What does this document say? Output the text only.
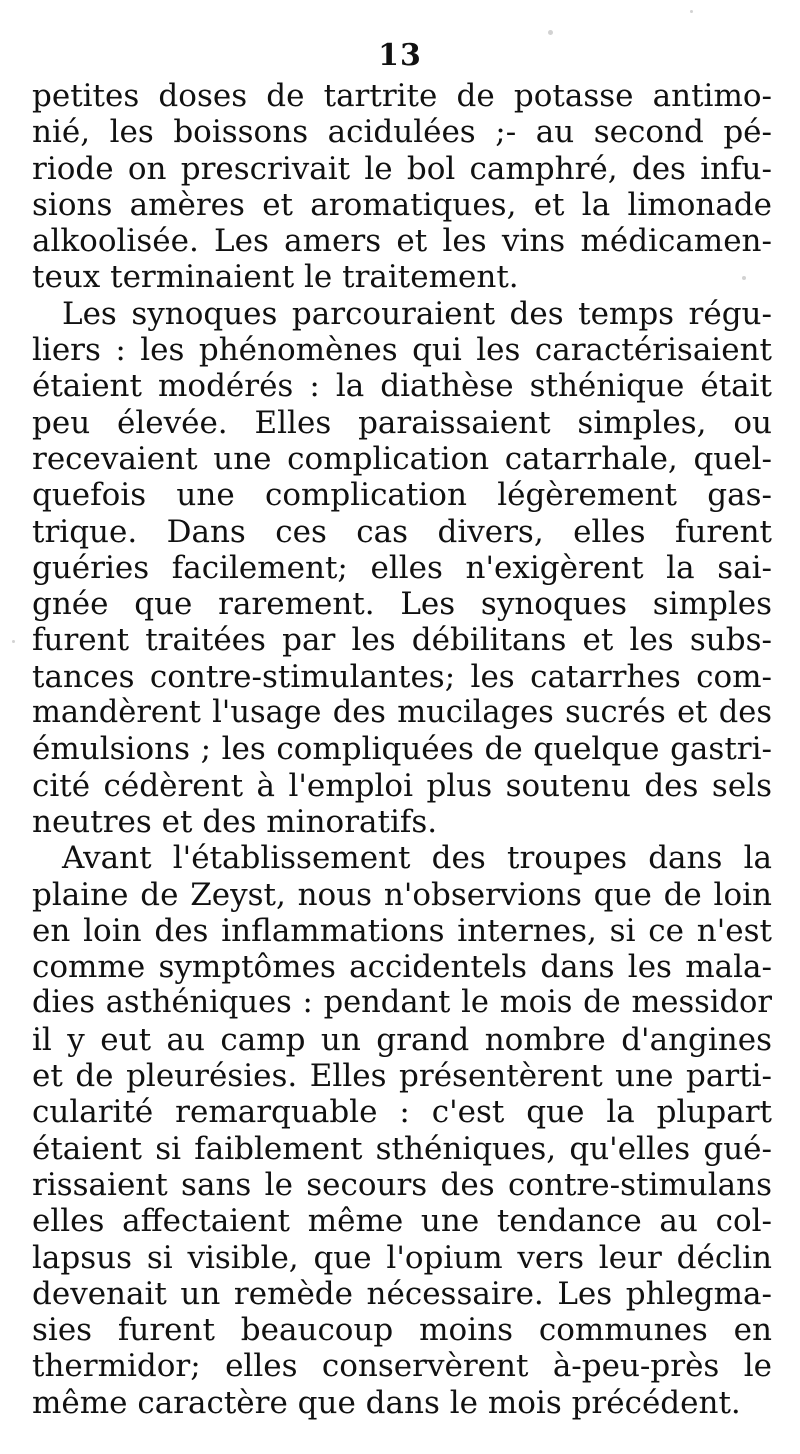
13
petites doses de tartrite de potasse antimo-
nié, les boissons acidulées ;- au second pé-
riode on prescrivait le bol camphré, des infu-
sions amères et aromatiques, et la limonade
alkoolisée. Les amers et les vins médicamen-
teux terminaient le traitement.
Les synoques parcouraient des temps régu-
liers : les phénomènes qui les caractérisaient
étaient modérés : la diathèse sthénique était
peu élevée. Elles paraissaient simples, ou
recevaient une complication catarrhale, quel-
quefois une complication légèrement gas-
trique. Dans ces cas divers, elles furent
guéries facilement; elles n'exigèrent la sai-
gnée que rarement. Les synoques simples
furent traitées par les débilitans et les subs-
tances contre-stimulantes; les catarrhes com-
mandèrent l'usage des mucilages sucrés et des
émulsions ; les compliquées de quelque gastri-
cité cédèrent à l'emploi plus soutenu des sels
neutres et des minoratifs.
Avant l'établissement des troupes dans la
plaine de Zeyst, nous n'observions que de loin
en loin des inflammations internes, si ce n'est
comme symptômes accidentels dans les mala-
dies asthéniques : pendant le mois de messidor
il y eut au camp un grand nombre d'angines
et de pleurésies. Elles présentèrent une parti-
cularité remarquable : c'est que la plupart
étaient si faiblement sthéniques, qu'elles gué-
rissaient sans le secours des contre-stimulans
elles affectaient même une tendance au col-
lapsus si visible, que l'opium vers leur déclin
devenait un remède nécessaire. Les phlegma-
sies furent beaucoup moins communes en
thermidor; elles conservèrent à-peu-près le
même caractère que dans le mois précédent.
